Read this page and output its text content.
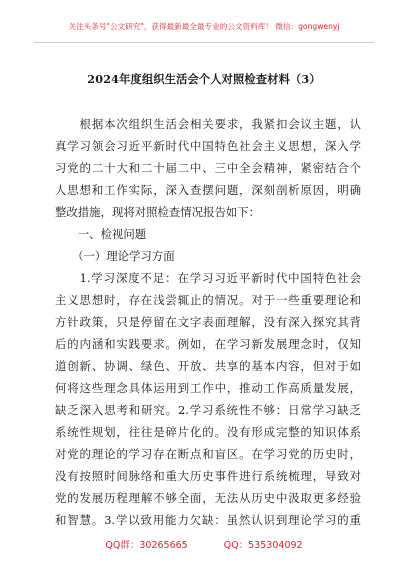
关注头条号"公文研究"，获得最新最全最专业的公文资料库！ 微信：gongwenyj
2024年度组织生活会个人对照检查材料（3）

　　根据本次组织生活会相关要求，我紧扣会议主题，认

真学习领会习近平新时代中国特色社会主义思想，深入学

习党的二十大和二十届二中、三中全会精神，紧密结合个

人思想和工作实际，深入查摆问题，深刻剖析原因，明确

整改措施，现将对照检查情况报告如下：

　　一、检视问题

　　（一）理论学习方面

　　1.学习深度不足：在学习习近平新时代中国特色社会

主义思想时，存在浅尝辄止的情况。对于一些重要理论和

方针政策，只是停留在文字表面理解，没有深入探究其背

后的内涵和实践要求。例如，在学习新发展理念时，仅知

道创新、协调、绿色、开放、共享的基本内容，但对于如

何将这些理念具体运用到工作中，推动工作高质量发展，

缺乏深入思考和研究。2.学习系统性不够：日常学习缺乏

系统性规划，往往是碎片化的。没有形成完整的知识体系

对党的理论的学习存在断点和盲区。在学习党的历史时，

没有按照时间脉络和重大历史事件进行系统梳理，导致对

党的发展历程理解不够全面，无法从历史中汲取更多经验

和智慧。3.学以致用能力欠缺：虽然认识到理论学习的重

QQ群：30265665	QQ：535304092
